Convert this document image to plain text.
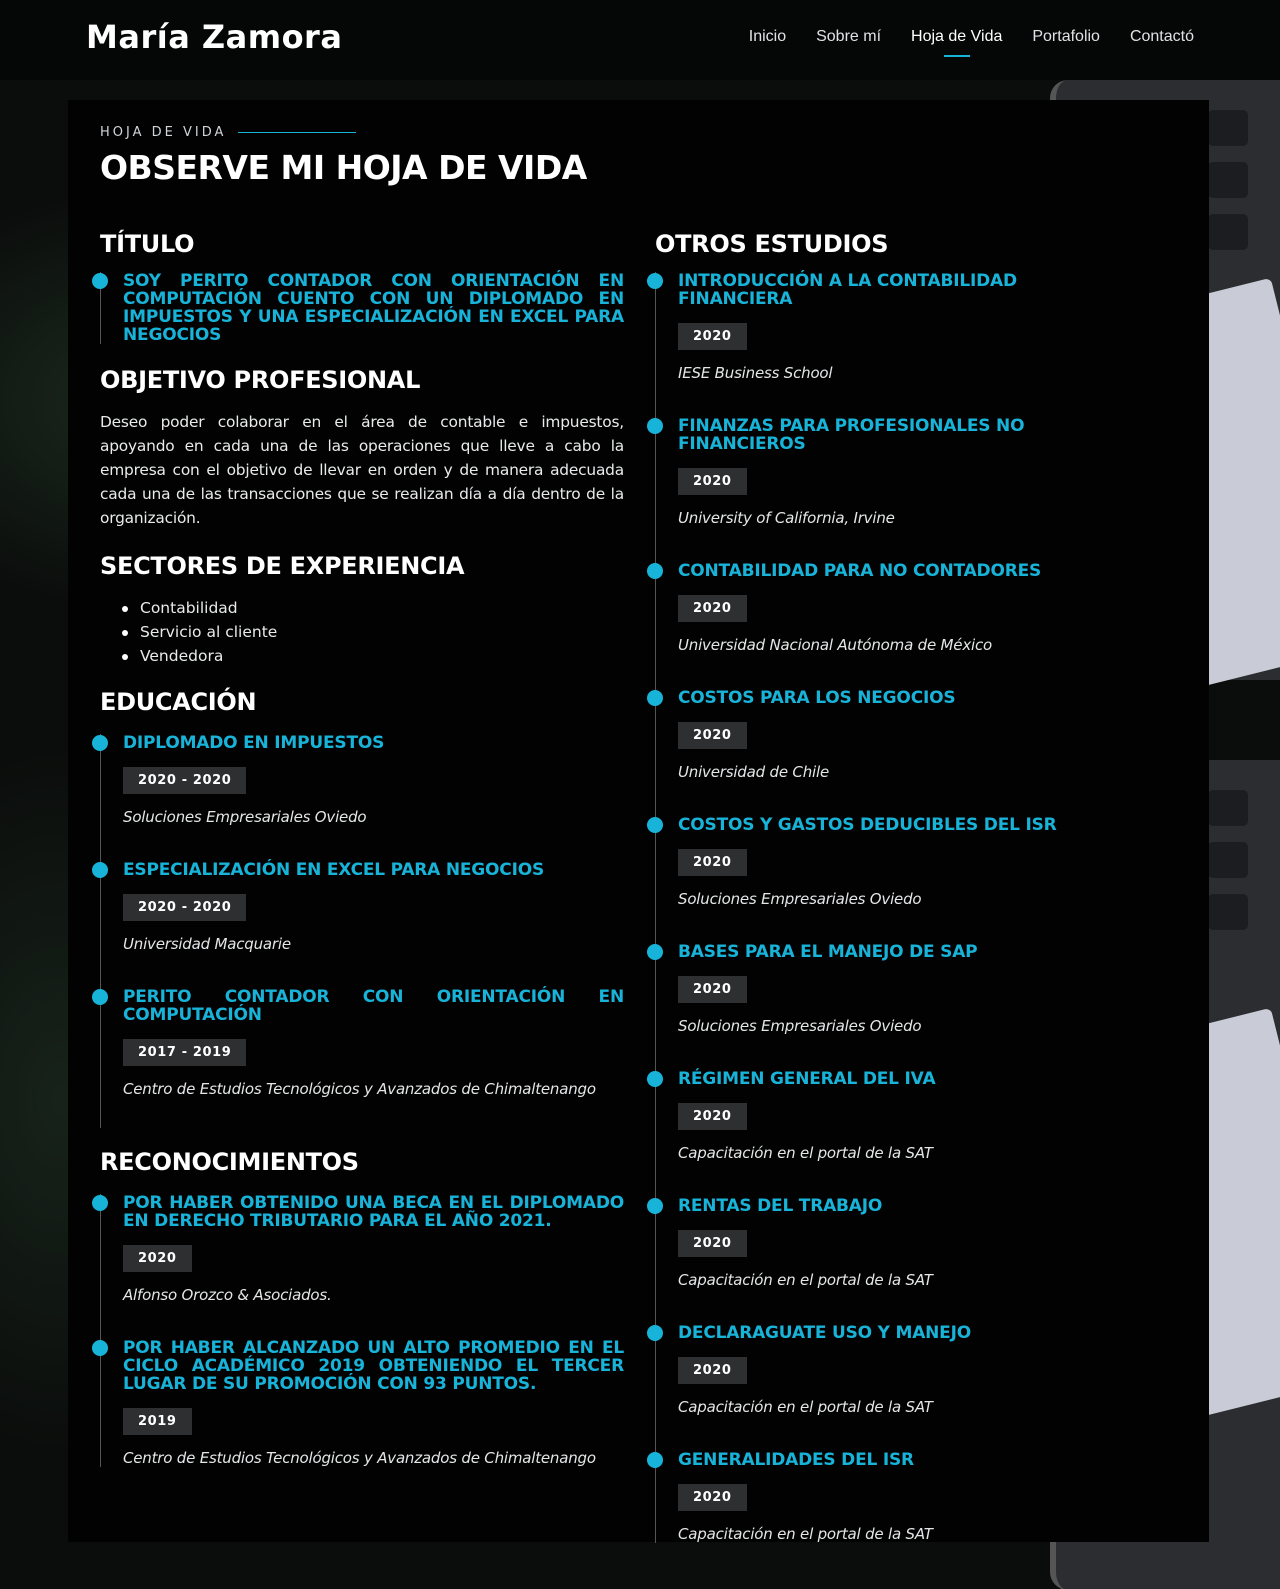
María Zamora	Inicio Sobre mí Hoja de Vida Portafolio Contactó
HOJA DE VIDA
OBSERVE MI HOJA DE VIDA
TÍTULO
SOY PERITO CONTADOR CON ORIENTACIÓN EN COMPUTACIÓN CUENTO CON UN DIPLOMADO EN IMPUESTOS Y UNA ESPECIALIZACIÓN EN EXCEL PARA NEGOCIOS
OBJETIVO PROFESIONAL

Deseo poder colaborar en el área de contable e impuestos, apoyando en cada una de las operaciones que lleve a cabo la empresa con el objetivo de llevar en orden y de manera adecuada cada una de las transacciones que se realizan día a día dentro de la organización.

SECTORES DE EXPERIENCIA
Contabilidad
Servicio al cliente
Vendedora
EDUCACIÓN
DIPLOMADO EN IMPUESTOS
2020 - 2020
Soluciones Empresariales Oviedo
ESPECIALIZACIÓN EN EXCEL PARA NEGOCIOS
2020 - 2020
Universidad Macquarie
PERITO CONTADOR CON ORIENTACIÓN EN COMPUTACIÓN
2017 - 2019
Centro de Estudios Tecnológicos y Avanzados de Chimaltenango
RECONOCIMIENTOS
POR HABER OBTENIDO UNA BECA EN EL DIPLOMADO EN DERECHO TRIBUTARIO PARA EL AÑO 2021.
2020
Alfonso Orozco & Asociados.
POR HABER ALCANZADO UN ALTO PROMEDIO EN EL CICLO ACADÉMICO 2019 OBTENIENDO EL TERCER LUGAR DE SU PROMOCIÓN CON 93 PUNTOS.
2019
Centro de Estudios Tecnológicos y Avanzados de Chimaltenango
OTROS ESTUDIOS
INTRODUCCIÓN A LA CONTABILIDAD FINANCIERA
2020
IESE Business School
FINANZAS PARA PROFESIONALES NO FINANCIEROS
2020
University of California, Irvine
CONTABILIDAD PARA NO CONTADORES
2020
Universidad Nacional Autónoma de México
COSTOS PARA LOS NEGOCIOS
2020
Universidad de Chile
COSTOS Y GASTOS DEDUCIBLES DEL ISR
2020
Soluciones Empresariales Oviedo
BASES PARA EL MANEJO DE SAP
2020
Soluciones Empresariales Oviedo
RÉGIMEN GENERAL DEL IVA
2020
Capacitación en el portal de la SAT
RENTAS DEL TRABAJO
2020
Capacitación en el portal de la SAT
DECLARAGUATE USO Y MANEJO
2020
Capacitación en el portal de la SAT
GENERALIDADES DEL ISR
2020
Capacitación en el portal de la SAT
